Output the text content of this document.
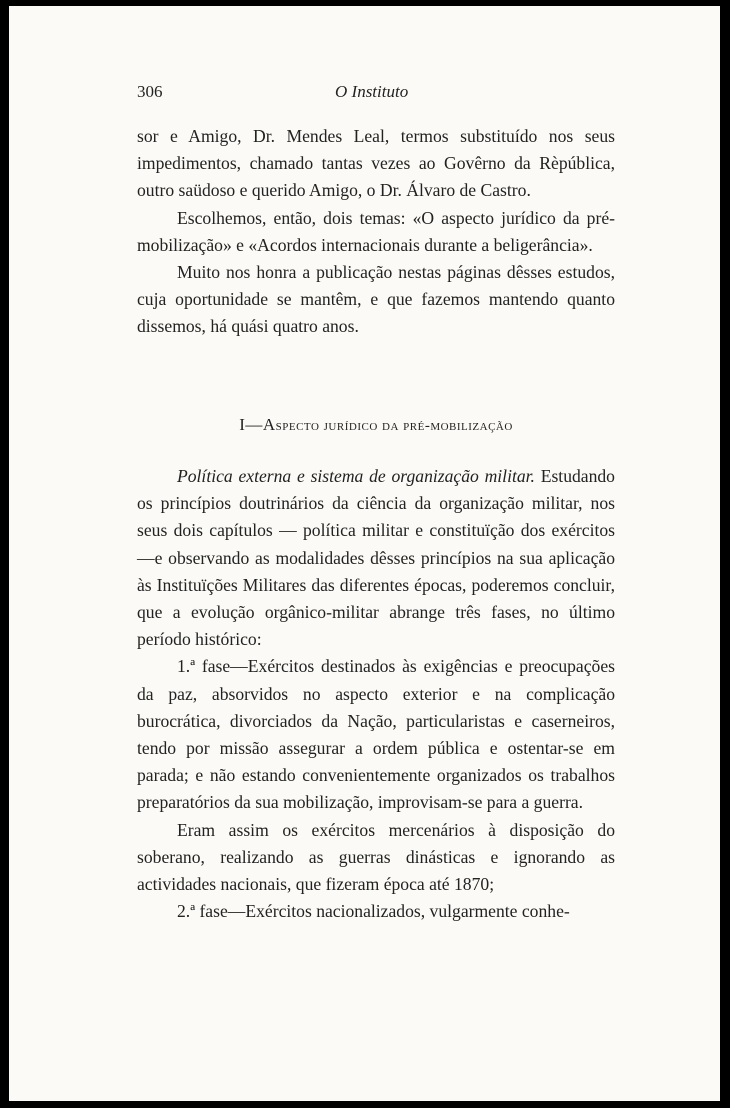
306	O Instituto

sor e Amigo, Dr. Mendes Leal, termos substituído nos seus impedimentos, chamado tantas vezes ao Govêrno da Rèpública, outro saüdoso e querido Amigo, o Dr. Álvaro de Castro.

Escolhemos, então, dois temas: «O aspecto jurídico da pré-mobilização» e «Acordos internacionais durante a beligerância».

Muito nos honra a publicação nestas páginas dêsses estudos, cuja oportunidade se mantêm, e que fazemos mantendo quanto dissemos, há quási quatro anos.

I—Aspecto jurídico da pré-mobilização

Política externa e sistema de organização militar. Estudando os princípios doutrinários da ciência da organização militar, nos seus dois capítulos — política militar e constituïção dos exércitos—e observando as modalidades dêsses princípios na sua aplicação às Instituïções Militares das diferentes épocas, poderemos concluir, que a evolução orgânico-militar abrange três fases, no último período histórico:

1.ª fase—Exércitos destinados às exigências e preocupações da paz, absorvidos no aspecto exterior e na complicação burocrática, divorciados da Nação, particularistas e caserneiros, tendo por missão assegurar a ordem pública e ostentar-se em parada; e não estando convenientemente organizados os trabalhos preparatórios da sua mobilização, improvisam-se para a guerra.

Eram assim os exércitos mercenários à disposição do soberano, realizando as guerras dinásticas e ignorando as actividades nacionais, que fizeram época até 1870;

2.ª fase—Exércitos nacionalizados, vulgarmente conhe-
